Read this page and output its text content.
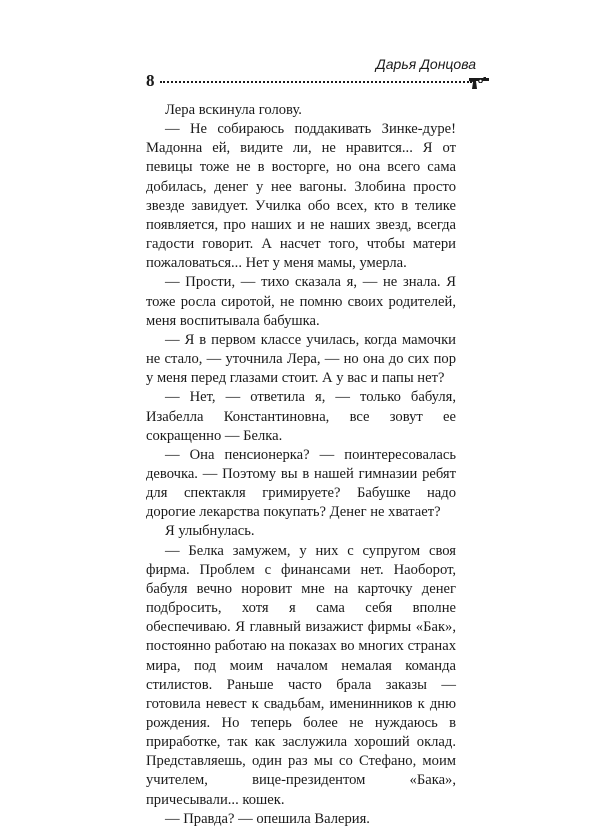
8
Дарья Донцова

Лера вскинула голову.

— Не собираюсь поддакивать Зинке-дуре! Мадонна ей, видите ли, не нравится... Я от певицы тоже не в восторге, но она всего сама добилась, денег у нее вагоны. Злобина просто звезде завидует. Училка обо всех, кто в телике появляется, про наших и не наших звезд, всегда гадости говорит. А насчет того, чтобы матери пожаловаться... Нет у меня мамы, умерла.

— Прости, — тихо сказала я, — не знала. Я тоже росла сиротой, не помню своих родителей, меня воспитывала бабушка.

— Я в первом классе училась, когда мамочки не стало, — уточнила Лера, — но она до сих пор у меня перед глазами стоит. А у вас и папы нет?

— Нет, — ответила я, — только бабуля, Изабелла Константиновна, все зовут ее сокращенно — Белка.

— Она пенсионерка? — поинтересовалась девочка. — Поэтому вы в нашей гимназии ребят для спектакля гримируете? Бабушке надо дорогие лекарства покупать? Денег не хватает?

Я улыбнулась.

— Белка замужем, у них с супругом своя фирма. Проблем с финансами нет. Наоборот, бабуля вечно норовит мне на карточку денег подбросить, хотя я сама себя вполне обеспечиваю. Я главный визажист фирмы «Бак», постоянно работаю на показах во многих странах мира, под моим началом немалая команда стилистов. Раньше часто брала заказы — готовила невест к свадьбам, именинников к дню рождения. Но теперь более не нуждаюсь в приработке, так как заслужила хороший оклад. Представляешь, один раз мы со Стефано, моим учителем, вице-президентом «Бака», причесывали... кошек.

— Правда? — опешила Валерия.
